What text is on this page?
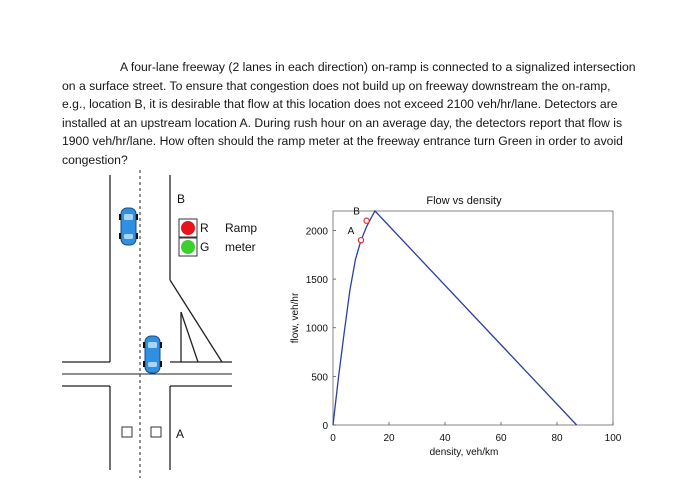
A four-lane freeway (2 lanes in each direction) on-ramp is connected to a signalized intersection on a surface street. To ensure that congestion does not build up on freeway downstream the on-ramp, e.g., location B, it is desirable that flow at this location does not exceed 2100 veh/hr/lane. Detectors are installed at an upstream location A. During rush hour on an average day, the detectors report that flow is 1900 veh/hr/lane. How often should the ramp meter at the freeway entrance turn Green in order to avoid congestion?
B
A
R
G
Ramp
meter
Flow vs density
density, veh/km
flow, veh/hr
0	20	40	60	80	100
0
500
1000
1500
2000 A
B
